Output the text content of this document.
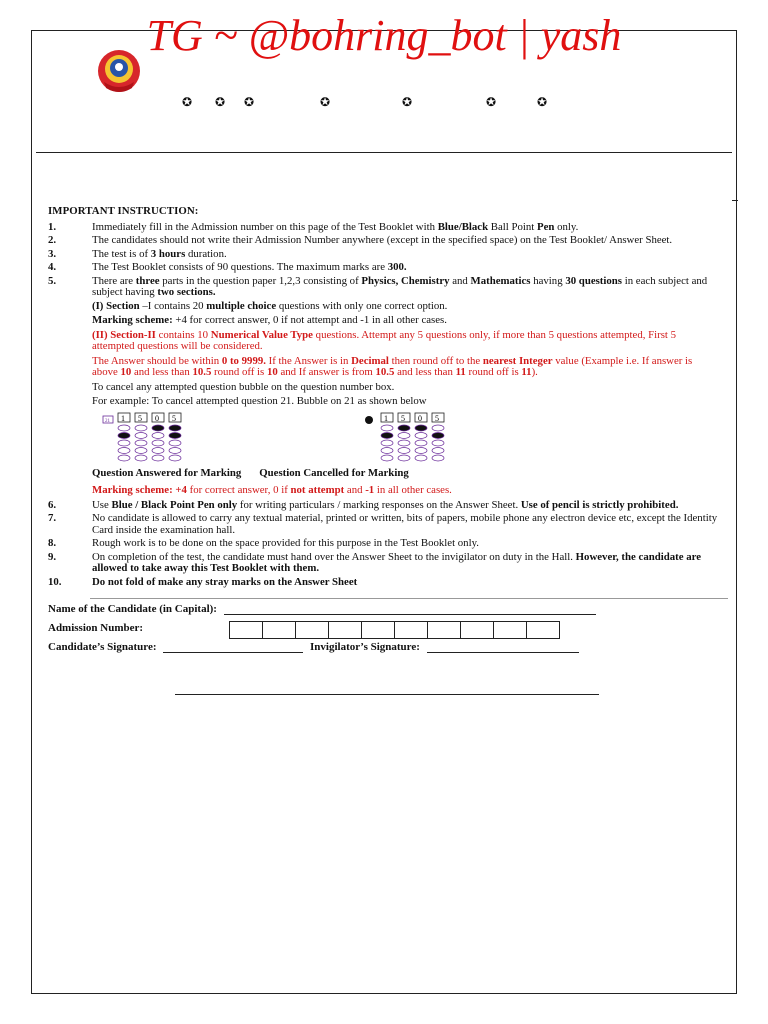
TG ~ @bohring_bot | yash
✪ ✪ ✪	✪	✪	✪	✪
IMPORTANT INSTRUCTION:
1.	Immediately fill in the Admission number on this page of the Test Booklet with Blue/Black Ball Point Pen only.
2.	The candidates should not write their Admission Number anywhere (except in the specified space) on the Test Booklet/ Answer Sheet.
3.	The test is of 3 hours duration.
4.	The Test Booklet consists of 90 questions. The maximum marks are 300.
5.	There are three parts in the question paper 1,2,3 consisting of Physics, Chemistry and Mathematics having 30 questions in each subject and subject having two sections.
(I) Section –I contains 20 multiple choice questions with only one correct option.
Marking scheme: +4 for correct answer, 0 if not attempt and -1 in all other cases.
(II) Section-II contains 10 Numerical Value Type questions. Attempt any 5 questions only, if more than 5 questions attempted, First 5 attempted questions will be considered.
The Answer should be within 0 to 9999. If the Answer is in Decimal then round off to the nearest Integer value (Example i.e. If answer is above 10 and less than 10.5 round off is 10 and If answer is from 10.5 and less than 11 round off is 11).
To cancel any attempted question bubble on the question number box.
For example: To cancel attempted question 21. Bubble on 21 as shown below
21 1 5 0 5	1 5 0 5
Question Answered for Marking Question Cancelled for Marking
Marking scheme: +4 for correct answer, 0 if not attempt and -1 in all other cases.
6.	Use Blue / Black Point Pen only for writing particulars / marking responses on the Answer Sheet. Use of pencil is strictly prohibited.
7.	No candidate is allowed to carry any textual material, printed or written, bits of papers, mobile phone any electron device etc, except the Identity Card inside the examination hall.
8.	Rough work is to be done on the space provided for this purpose in the Test Booklet only.
9.	On completion of the test, the candidate must hand over the Answer Sheet to the invigilator on duty in the Hall. However, the candidate are allowed to take away this Test Booklet with them.
10.	Do not fold of make any stray marks on the Answer Sheet
Name of the Candidate (in Capital):
Admission Number:
Candidate’s Signature:	Invigilator’s Signature:
